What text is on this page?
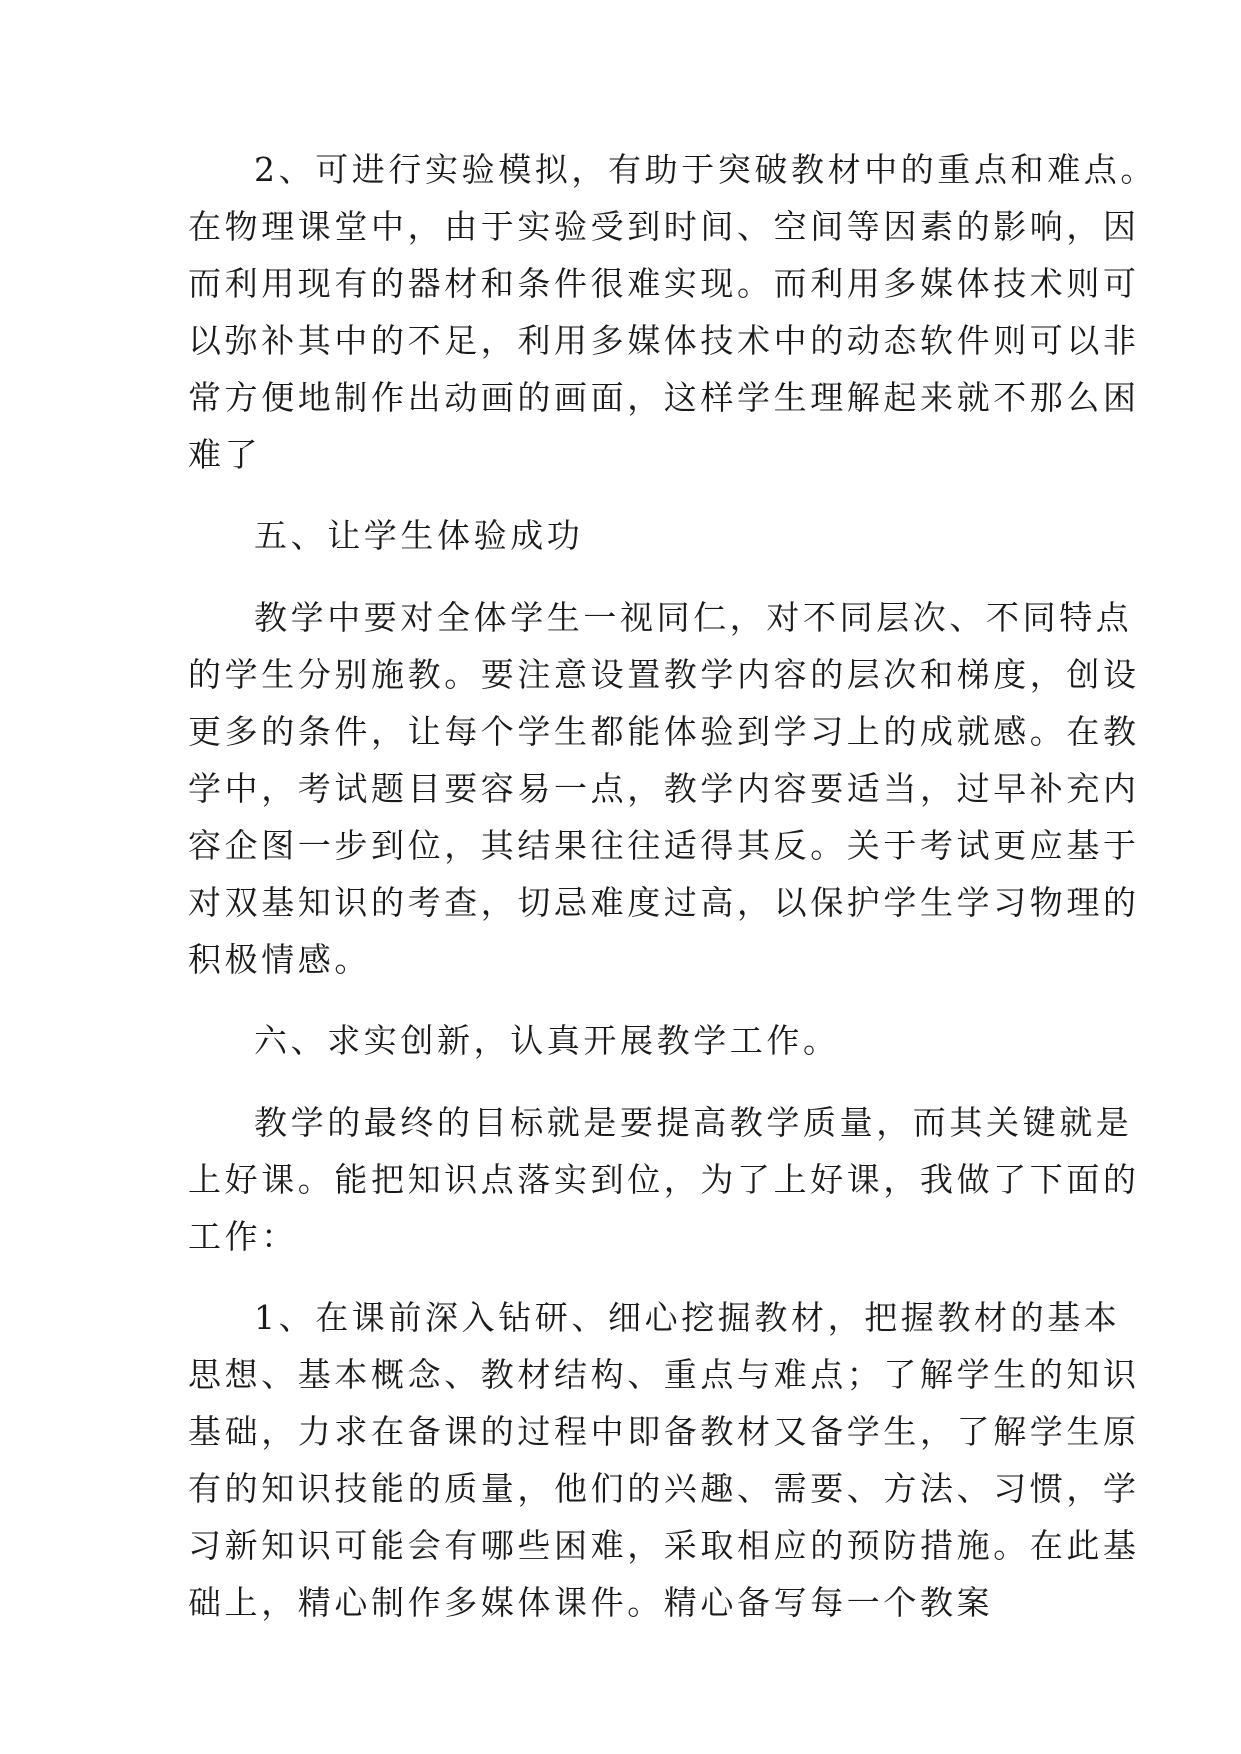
2、可进行实验模拟，有助于突破教材中的重点和难点。
在物理课堂中，由于实验受到时间、空间等因素的影响，因
而利用现有的器材和条件很难实现。而利用多媒体技术则可
以弥补其中的不足，利用多媒体技术中的动态软件则可以非
常方便地制作出动画的画面，这样学生理解起来就不那么困
难了
五、让学生体验成功
教学中要对全体学生一视同仁，对不同层次、不同特点
的学生分别施教。要注意设置教学内容的层次和梯度，创设
更多的条件，让每个学生都能体验到学习上的成就感。在教
学中，考试题目要容易一点，教学内容要适当，过早补充内
容企图一步到位，其结果往往适得其反。关于考试更应基于
对双基知识的考查，切忌难度过高，以保护学生学习物理的
积极情感。
六、求实创新，认真开展教学工作。
教学的最终的目标就是要提高教学质量，而其关键就是
上好课。能把知识点落实到位，为了上好课，我做了下面的
工作：
1、在课前深入钻研、细心挖掘教材，把握教材的基本
思想、基本概念、教材结构、重点与难点；了解学生的知识
基础，力求在备课的过程中即备教材又备学生，了解学生原
有的知识技能的质量，他们的兴趣、需要、方法、习惯，学
习新知识可能会有哪些困难，采取相应的预防措施。在此基
础上，精心制作多媒体课件。精心备写每一个教案
